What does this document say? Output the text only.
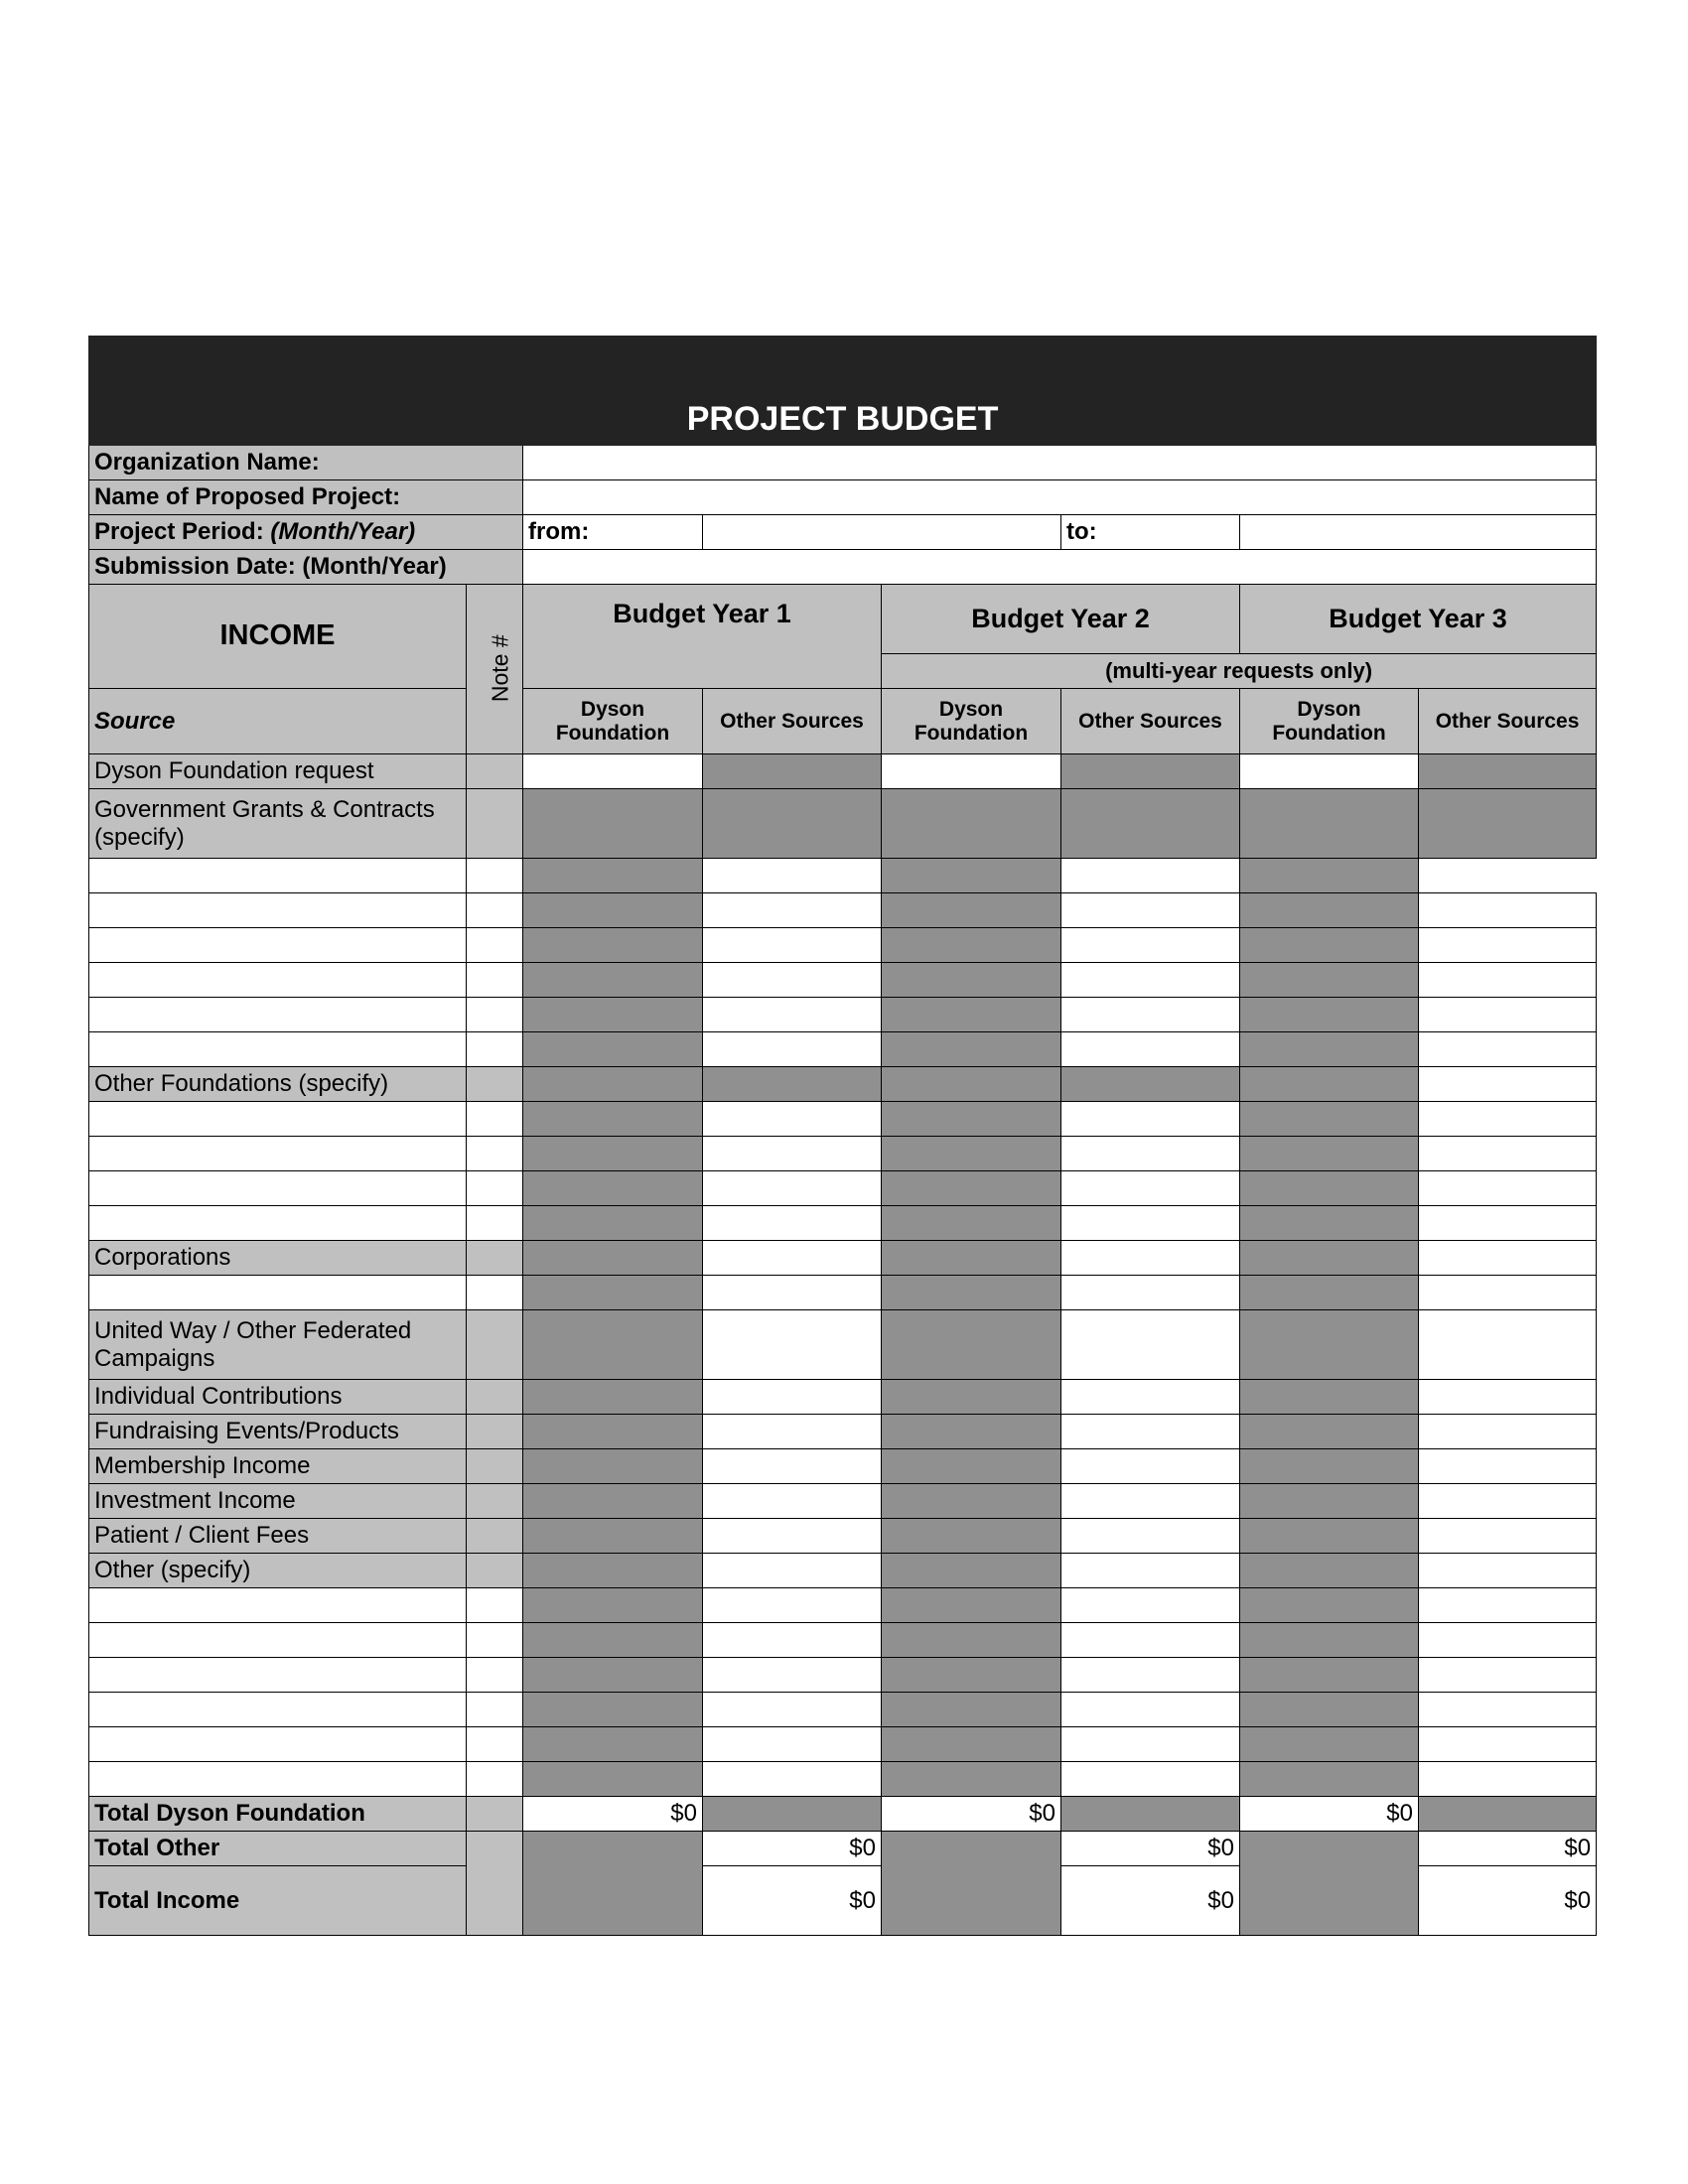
PROJECT BUDGET							
Organization Name:							
Name of Proposed Project:							
Project Period: (Month/Year)		from:			to:		
Submission Date: (Month/Year)							
INCOME	Note #	Budget Year 1		Budget Year 2		Budget Year 3	
				(multi-year requests only)			
Source		Dyson Foundation	Other Sources	Dyson Foundation	Other Sources	Dyson Foundation	Other Sources
Dyson Foundation request							
Government Grants & Contracts (specify)							

Other Foundations (specify)							

Corporations							

United Way / Other Federated Campaigns							
Individual Contributions							
Fundraising Events/Products							
Membership Income							
Investment Income							
Patient / Client Fees							
Other (specify)							

Total Dyson Foundation		$0		$0		$0	
Total Other			$0		$0		$0
Total Income			$0		$0		$0
